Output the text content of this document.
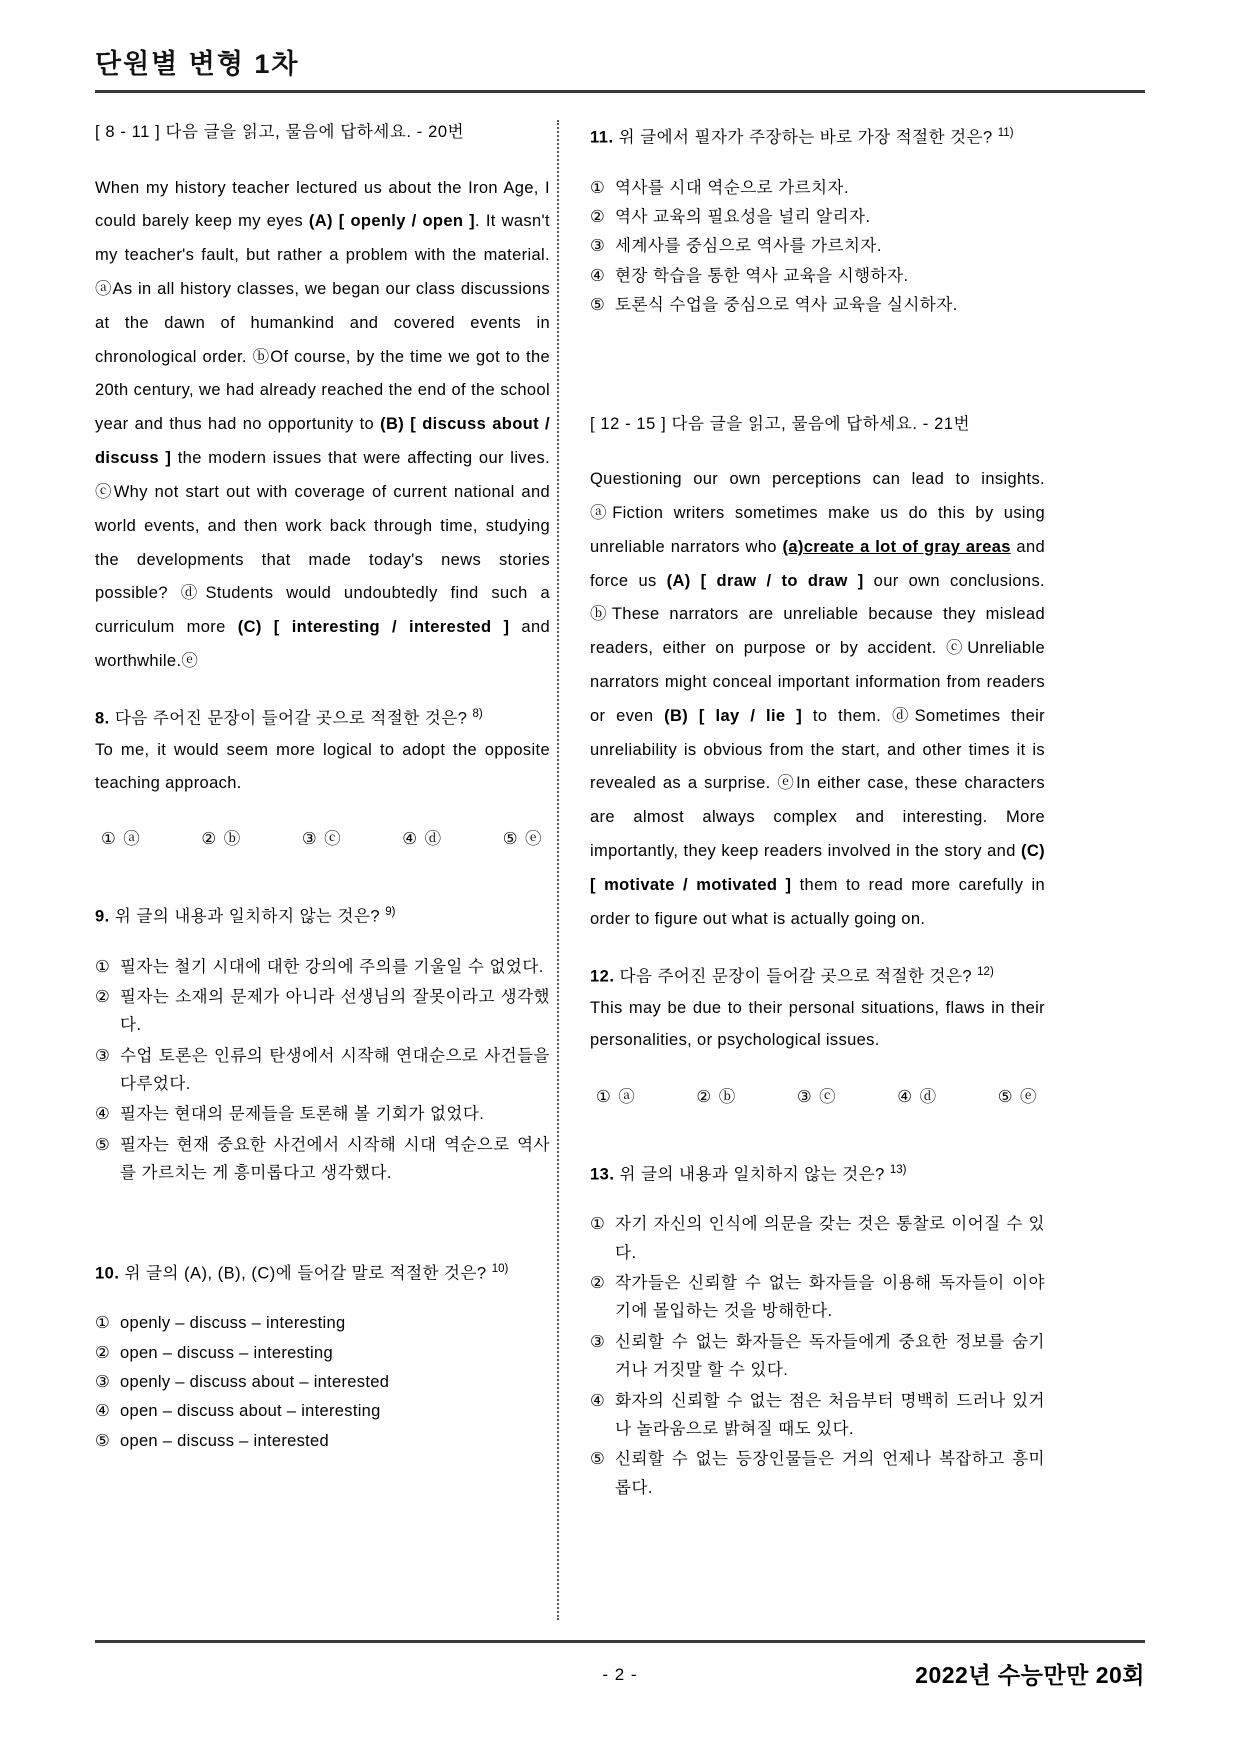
단원별 변형 1차
[ 8 - 11 ] 다음 글을 읽고, 물음에 답하세요. - 20번
When my history teacher lectured us about the Iron Age, I could barely keep my eyes (A) [ openly / open ]. It wasn't my teacher's fault, but rather a problem with the material. ⓐAs in all history classes, we began our class discussions at the dawn of humankind and covered events in chronological order. ⓑOf course, by the time we got to the 20th century, we had already reached the end of the school year and thus had no opportunity to (B) [ discuss about / discuss ] the modern issues that were affecting our lives. ⓒWhy not start out with coverage of current national and world events, and then work back through time, studying the developments that made today's news stories possible? ⓓStudents would undoubtedly find such a curriculum more (C) [ interesting / interested ] and worthwhile.ⓔ
8. 다음 주어진 문장이 들어갈 곳으로 적절한 것은? $^{8)}$
To me, it would seem more logical to adopt the opposite teaching approach.
① ⓐ	② ⓑ	③ ⓒ	④ ⓓ	⑤ ⓔ
9. 위 글의 내용과 일치하지 않는 것은? $^{9)}$
① 필자는 철기 시대에 대한 강의에 주의를 기울일 수 없었다.
② 필자는 소재의 문제가 아니라 선생님의 잘못이라고 생각했다.
③ 수업 토론은 인류의 탄생에서 시작해 연대순으로 사건들을 다루었다.
④ 필자는 현대의 문제들을 토론해 볼 기회가 없었다.
⑤ 필자는 현재 중요한 사건에서 시작해 시대 역순으로 역사를 가르치는 게 흥미롭다고 생각했다.
10. 위 글의 (A), (B), (C)에 들어갈 말로 적절한 것은? $^{10)}$
① openly – discuss – interesting
② open – discuss – interesting
③ openly – discuss about – interested
④ open – discuss about – interesting
⑤ open – discuss – interested
11. 위 글에서 필자가 주장하는 바로 가장 적절한 것은? $^{11)}$
① 역사를 시대 역순으로 가르치자.
② 역사 교육의 필요성을 널리 알리자.
③ 세계사를 중심으로 역사를 가르치자.
④ 현장 학습을 통한 역사 교육을 시행하자.
⑤ 토론식 수업을 중심으로 역사 교육을 실시하자.
[ 12 - 15 ] 다음 글을 읽고, 물음에 답하세요. - 21번
Questioning our own perceptions can lead to insights. ⓐFiction writers sometimes make us do this by using unreliable narrators who (a)create a lot of gray areas and force us (A) [ draw / to draw ] our own conclusions. ⓑThese narrators are unreliable because they mislead readers, either on purpose or by accident. ⓒUnreliable narrators might conceal important information from readers or even (B) [ lay / lie ] to them. ⓓSometimes their unreliability is obvious from the start, and other times it is revealed as a surprise. ⓔIn either case, these characters are almost always complex and interesting. More importantly, they keep readers involved in the story and (C) [ motivate / motivated ] them to read more carefully in order to figure out what is actually going on.
12. 다음 주어진 문장이 들어갈 곳으로 적절한 것은? $^{12)}$
This may be due to their personal situations, flaws in their personalities, or psychological issues.
① ⓐ	② ⓑ	③ ⓒ	④ ⓓ	⑤ ⓔ
13. 위 글의 내용과 일치하지 않는 것은? $^{13)}$
① 자기 자신의 인식에 의문을 갖는 것은 통찰로 이어질 수 있다.
② 작가들은 신뢰할 수 없는 화자들을 이용해 독자들이 이야기에 몰입하는 것을 방해한다.
③ 신뢰할 수 없는 화자들은 독자들에게 중요한 정보를 숨기거나 거짓말 할 수 있다.
④ 화자의 신뢰할 수 없는 점은 처음부터 명백히 드러나 있거나 놀라움으로 밝혀질 때도 있다.
⑤ 신뢰할 수 없는 등장인물들은 거의 언제나 복잡하고 흥미롭다.
- 2 -	2022년 수능만만 20회
